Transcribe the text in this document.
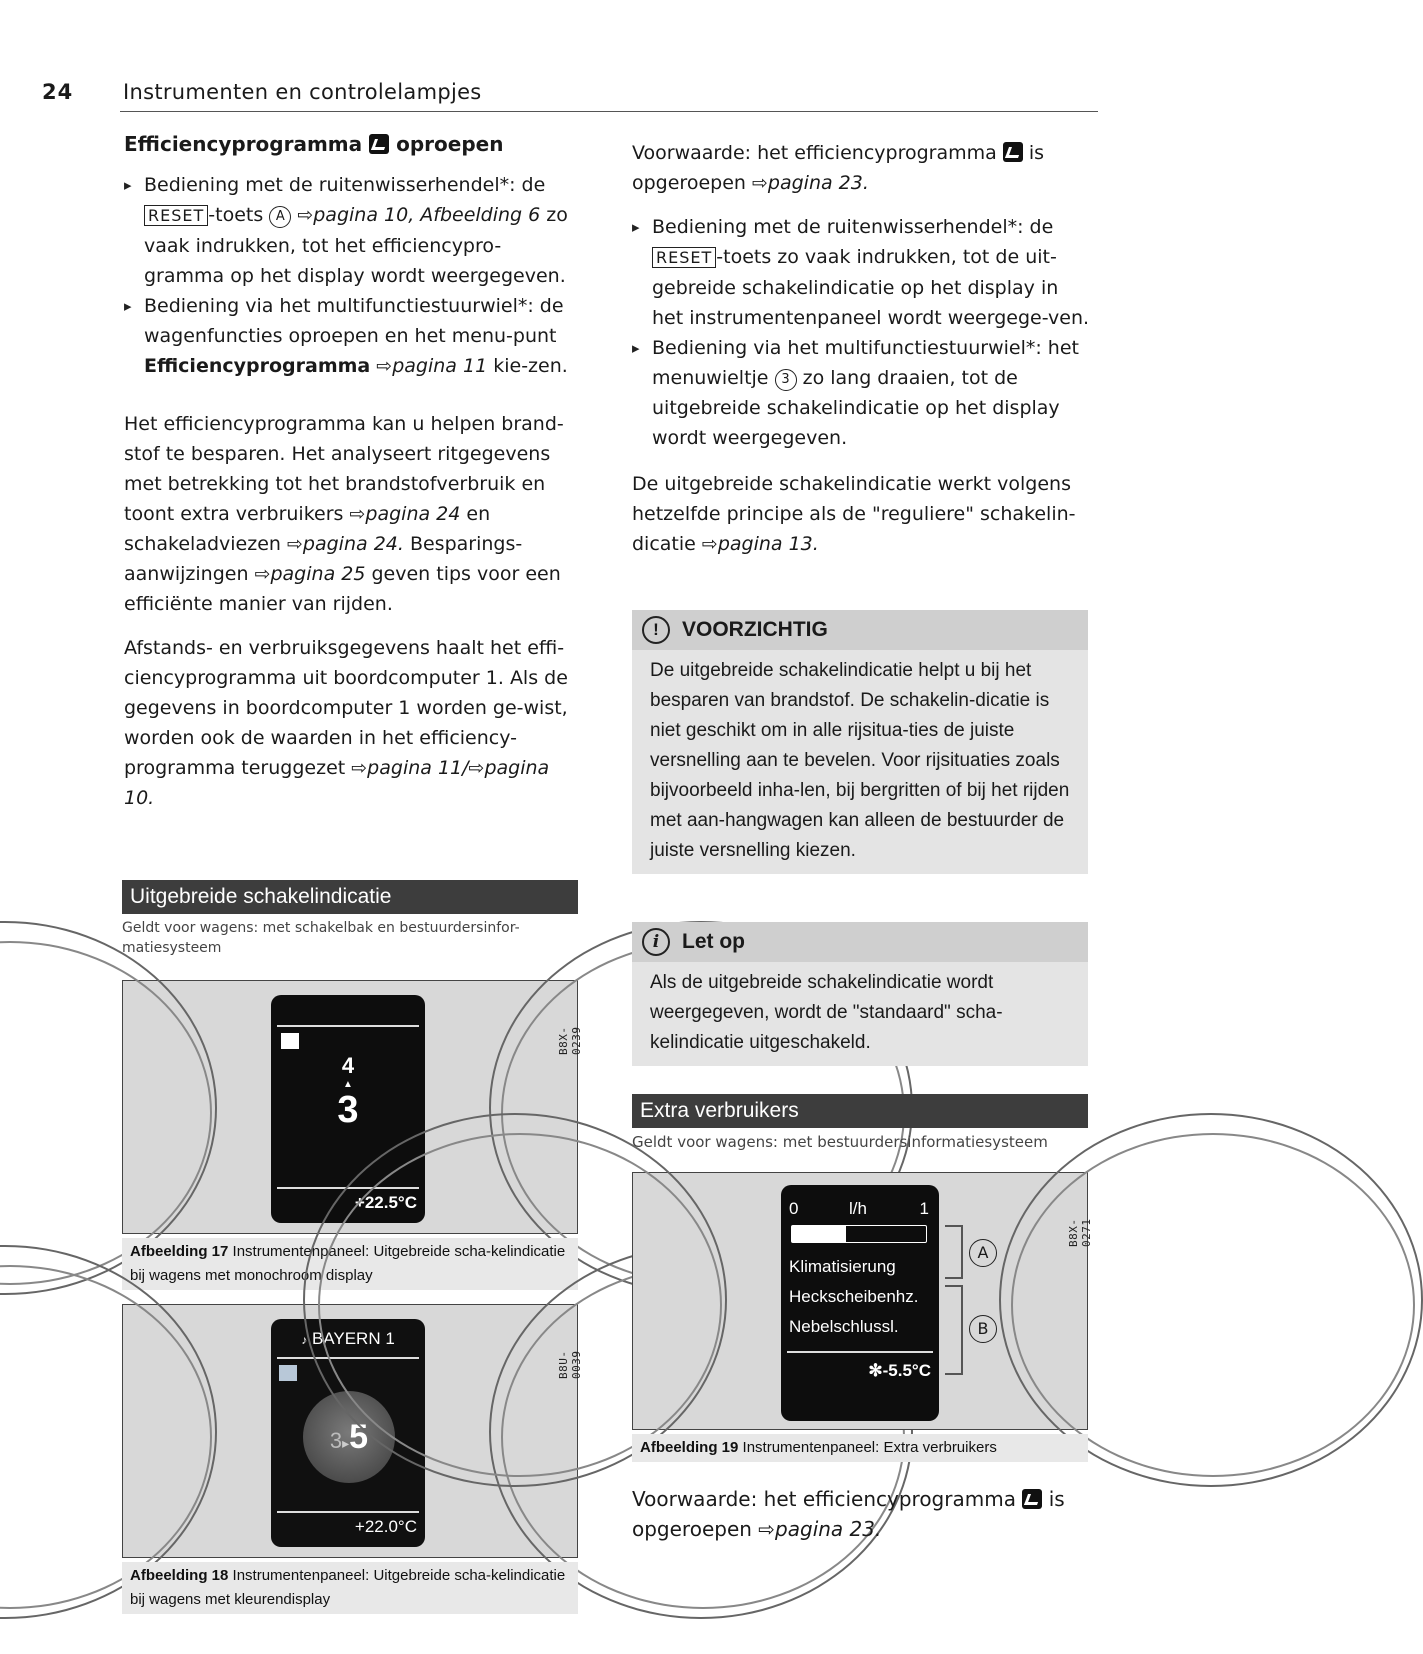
24 Instrumenten en controlelampjes

Efficiencyprogramma oproepen

▸ Bediening met de ruitenwisserhendel*: de RESET -toets A ⇨pagina 10, Afbeelding 6 zo vaak indrukken, tot het efficiencypro-gramma op het display wordt weergegeven.
▸ Bediening via het multifunctiestuurwiel*: de wagenfuncties oproepen en het menu-punt Efficiencyprogramma ⇨pagina 11 kie-zen.

Het efficiencyprogramma kan u helpen brand-stof te besparen. Het analyseert ritgegevens met betrekking tot het brandstofverbruik en toont extra verbruikers ⇨pagina 24 en schakeladviezen ⇨pagina 24. Besparings-aanwijzingen ⇨pagina 25 geven tips voor een efficiënte manier van rijden.

Afstands- en verbruiksgegevens haalt het effi-ciencyprogramma uit boordcomputer 1. Als de gegevens in boordcomputer 1 worden ge-wist, worden ook de waarden in het efficiency-programma teruggezet ⇨pagina 11/⇨pagina 10.

Uitgebreide schakelindicatie
Geldt voor wagens: met schakelbak en bestuurdersinfor-matiesysteem
4
▲
3
+22.5°C
B8X-0239
Afbeelding 17 Instrumentenpaneel: Uitgebreide scha-kelindicatie bij wagens met monochroom display
♪ BAYERN 1
3▸5
+22.0°C
B8U-0039
Afbeelding 18 Instrumentenpaneel: Uitgebreide scha-kelindicatie bij wagens met kleurendisplay

Voorwaarde: het efficiencyprogramma is opgeroepen ⇨pagina 23.

▸ Bediening met de ruitenwisserhendel*: de RESET -toets zo vaak indrukken, tot de uit-gebreide schakelindicatie op het display in het instrumentenpaneel wordt weergege-ven.
▸ Bediening via het multifunctiestuurwiel*: het menuwieltje 3 zo lang draaien, tot de uitgebreide schakelindicatie op het display wordt weergegeven.

De uitgebreide schakelindicatie werkt volgens hetzelfde principe als de "reguliere" schakelin-dicatie ⇨pagina 13.

! VOORZICHTIG
De uitgebreide schakelindicatie helpt u bij het besparen van brandstof. De schakelin-dicatie is niet geschikt om in alle rijsitua-ties de juiste versnelling aan te bevelen. Voor rijsituaties zoals bijvoorbeeld inha-len, bij bergritten of bij het rijden met aan-hangwagen kan alleen de bestuurder de juiste versnelling kiezen.
i Let op
Als de uitgebreide schakelindicatie wordt weergegeven, wordt de "standaard" scha-kelindicatie uitgeschakeld.
Extra verbruikers
Geldt voor wagens: met bestuurdersinformatiesysteem
0	l/h	1
Klimatisierung
Heckscheibenhz.
Nebelschlussl.
✻-5.5°C
A
B
B8X-0271
Afbeelding 19 Instrumentenpaneel: Extra verbruikers

Voorwaarde: het efficiencyprogramma is opgeroepen ⇨pagina 23.
